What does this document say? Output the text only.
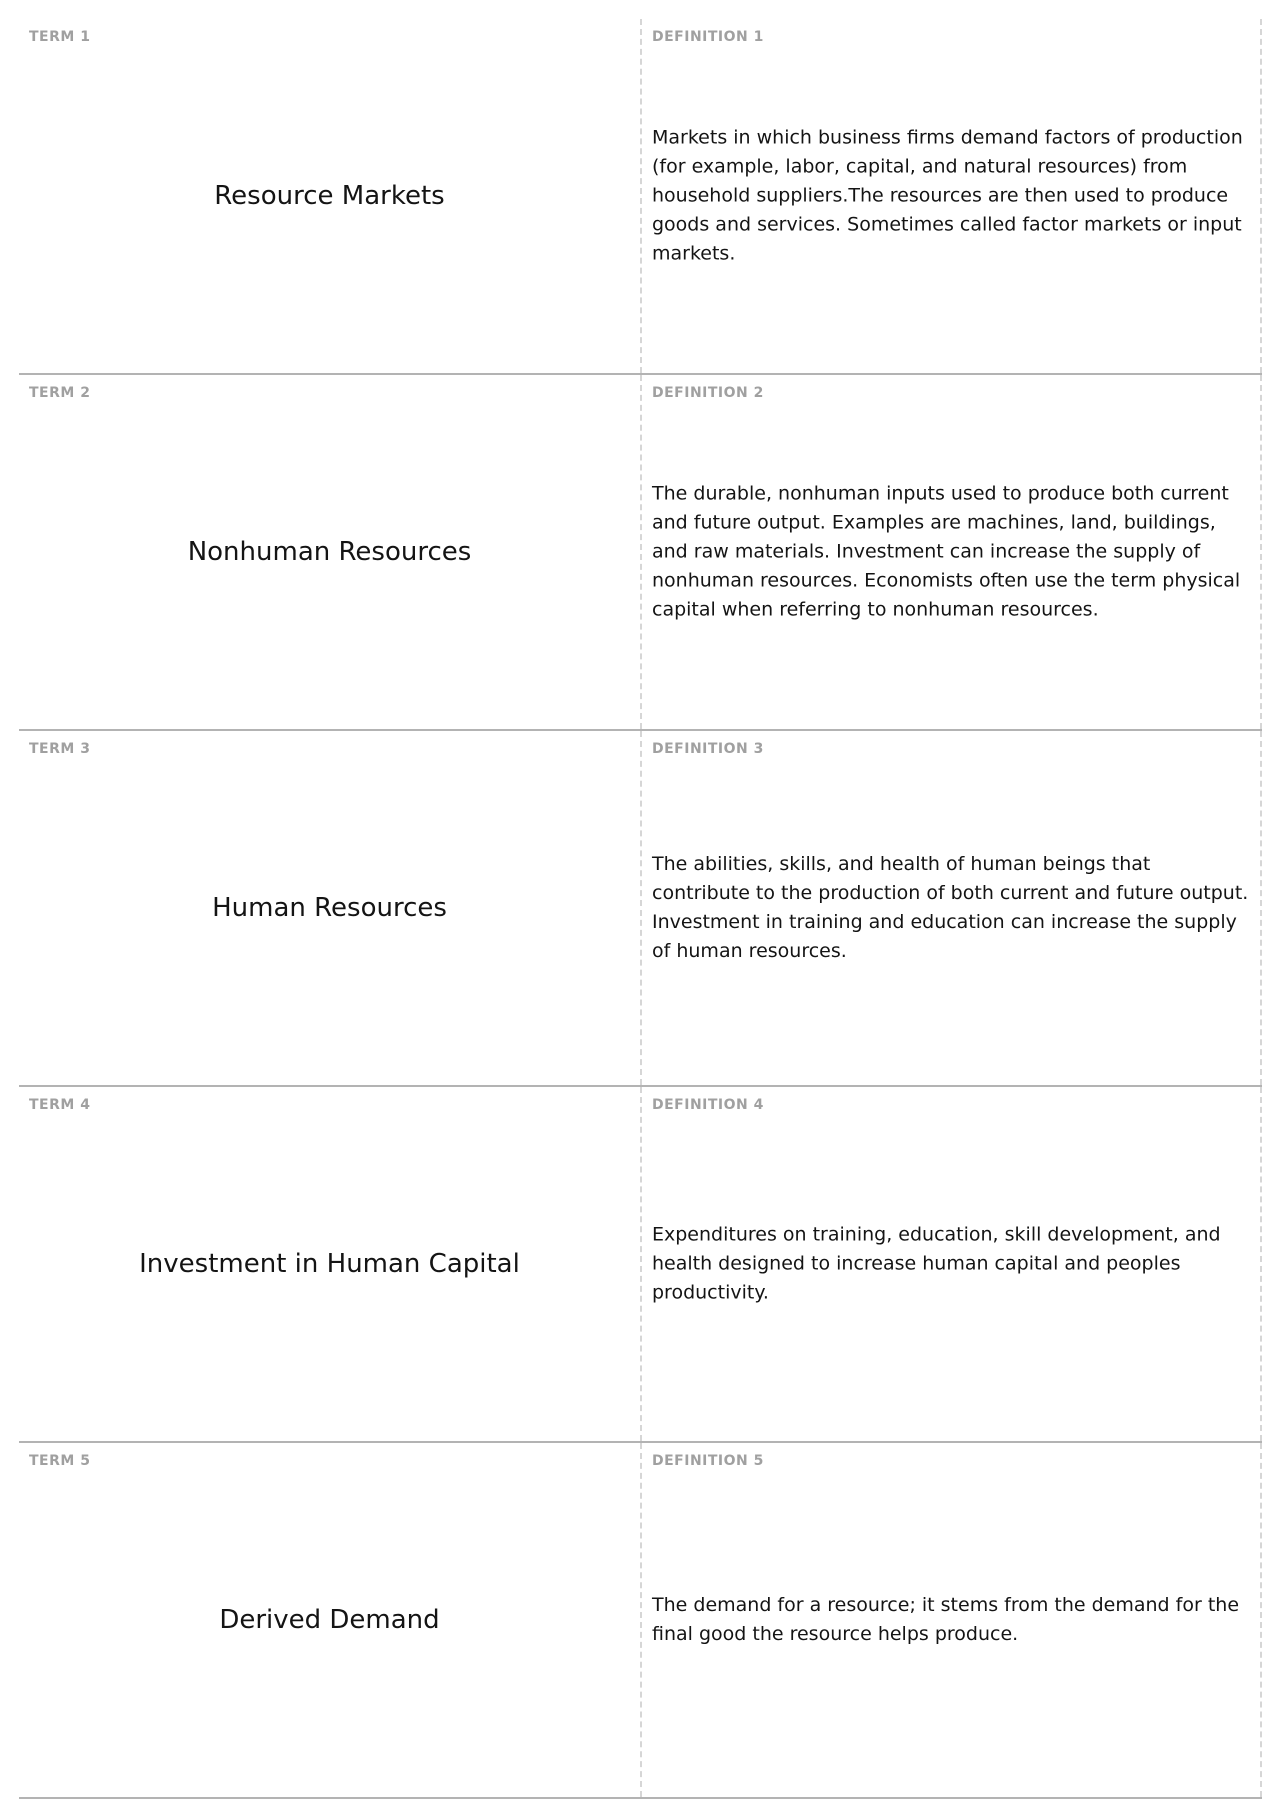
TERM 1
Resource Markets
DEFINITION 1
Markets in which business firms demand factors of production (for example, labor, capital, and natural resources) from household suppliers.The resources are then used to produce goods and services. Sometimes called factor markets or input markets.
TERM 2
Nonhuman Resources
DEFINITION 2
The durable, nonhuman inputs used to produce both current and future output. Examples are machines, land, buildings, and raw materials. Investment can increase the supply of nonhuman resources. Economists often use the term physical capital when referring to nonhuman resources.
TERM 3
Human Resources
DEFINITION 3
The abilities, skills, and health of human beings that contribute to the production of both current and future output. Investment in training and education can increase the supply of human resources.
TERM 4
Investment in Human Capital
DEFINITION 4
Expenditures on training, education, skill development, and health designed to increase human capital and peoples productivity.
TERM 5
Derived Demand
DEFINITION 5
The demand for a resource; it stems from the demand for the final good the resource helps produce.
